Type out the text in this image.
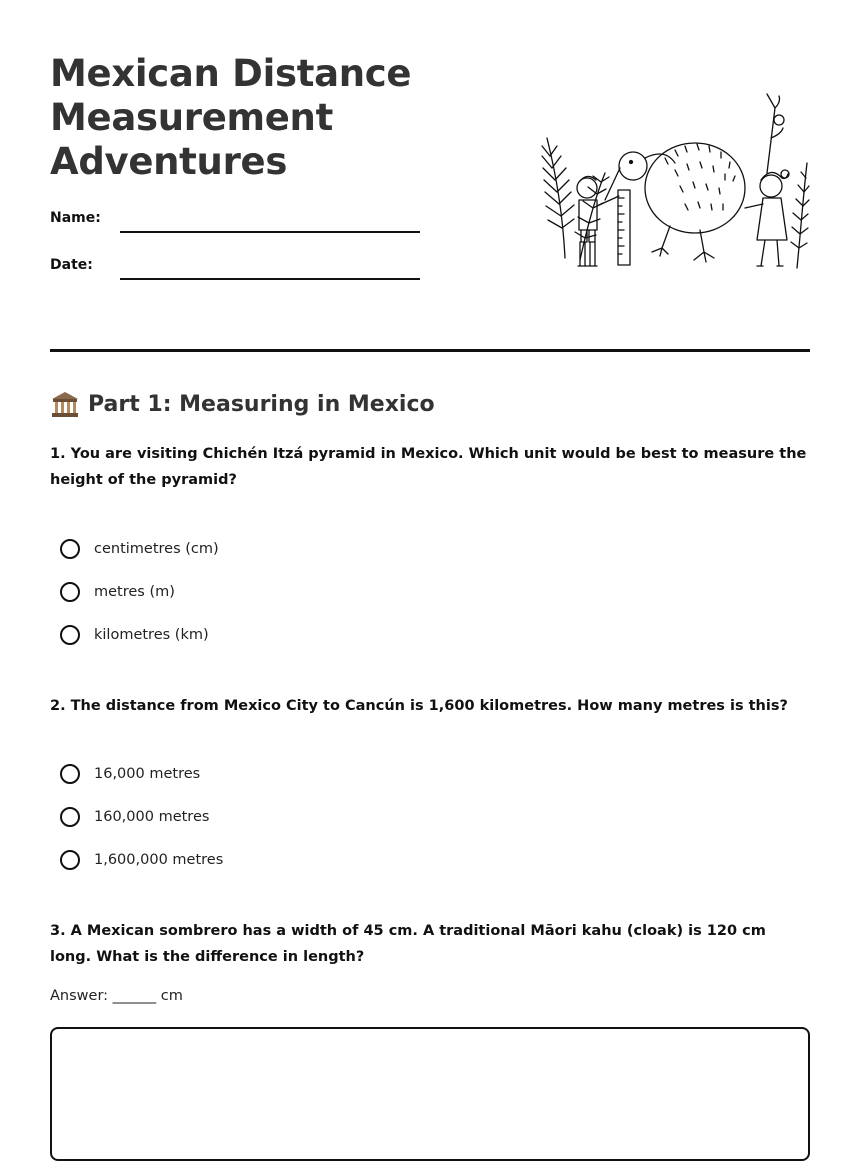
Mexican Distance
Measurement
Adventures
Name:
Date:
Part 1: Measuring in Mexico
1. You are visiting Chichén Itzá pyramid in Mexico. Which unit would be best to measure the height of the pyramid?
centimetres (cm)
metres (m)
kilometres (km)
2. The distance from Mexico City to Cancún is 1,600 kilometres. How many metres is this?
16,000 metres
160,000 metres
1,600,000 metres
3. A Mexican sombrero has a width of 45 cm. A traditional Māori kahu (cloak) is 120 cm long. What is the difference in length?
Answer: ______ cm
